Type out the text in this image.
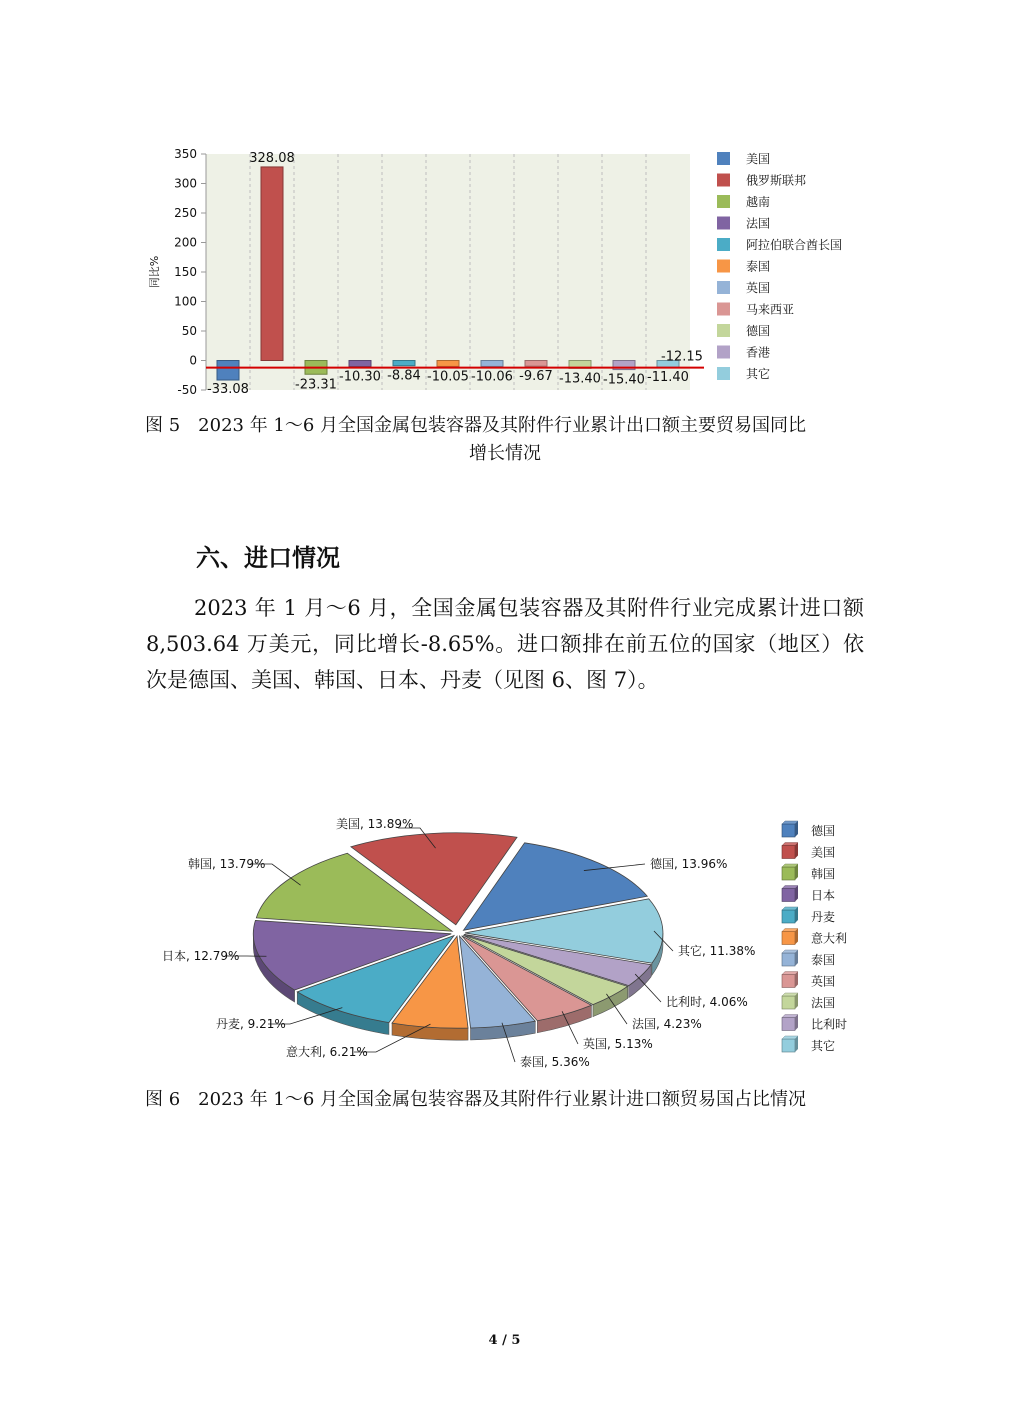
350
300
250
200
150
100
50
0
-50
同比%
-33.08
328.08
-23.31
-10.30 -8.84 -10.05 -10.06 -9.67 -13.40 -15.40 -11.40
-12.15
美国
俄罗斯联邦
越南
法国
阿拉伯联合酋长国
泰国
英国
马来西亚
德国
香港
其它
图 5　2023 年 1～6 月全国金属包装容器及其附件行业累计出口额主要贸易国同比
增长情况
六、进口情况
2023 年 1 月～6 月，全国金属包装容器及其附件行业完成累计进口额 8,503.64 万美元，同比增长-8.65%。进口额排在前五位的国家（地区）依次是德国、美国、韩国、日本、丹麦（见图 6、图 7）。
德国, 13.96%
其它, 11.38%
比利时, 4.06%
法国, 4.23%
英国, 5.13%
泰国, 5.36%
意大利, 6.21%
丹麦, 9.21%
日本, 12.79%
韩国, 13.79%
美国, 13.89%	德国
美国
韩国
日本
丹麦
意大利
泰国
英国
法国
比利时
其它
图 6　2023 年 1～6 月全国金属包装容器及其附件行业累计进口额贸易国占比情况
4 / 5
